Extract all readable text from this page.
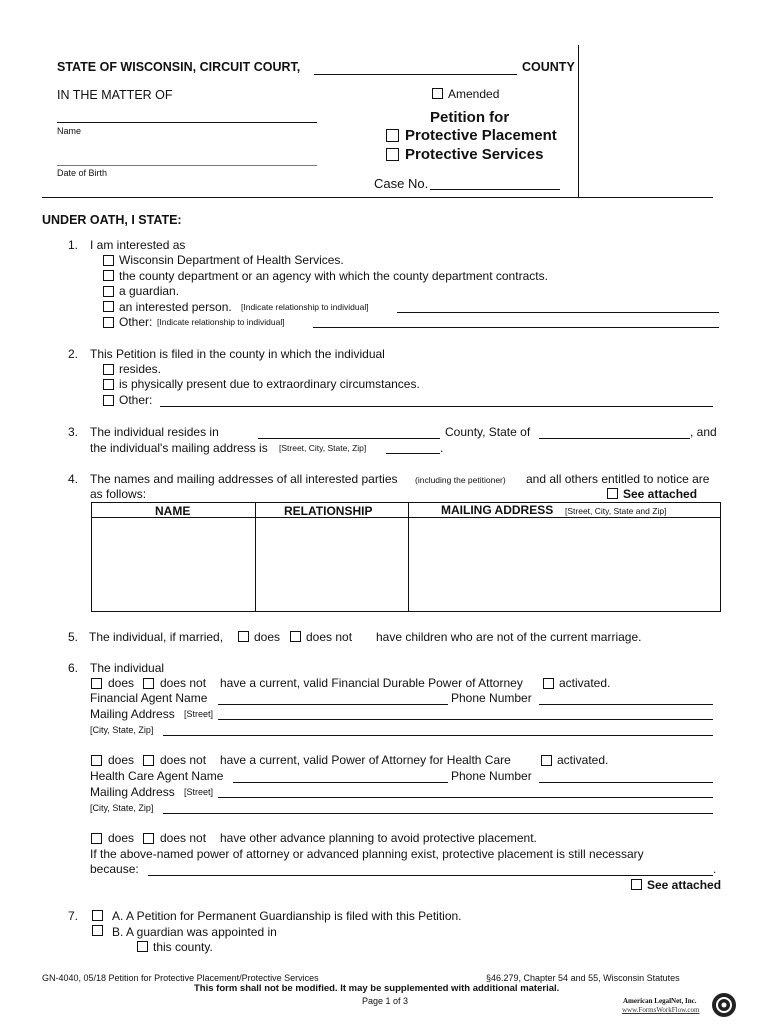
STATE OF WISCONSIN, CIRCUIT COURT,	COUNTY
IN THE MATTER OF
Name
Date of Birth
Amended
Petition for
Protective Placement
Protective Services
Case No.
UNDER OATH, I STATE:
1. I am interested as
Wisconsin Department of Health Services.
the county department or an agency with which the county department contracts.
a guardian.
an interested person. [Indicate relationship to individual]
Other: [Indicate relationship to individual]
2. This Petition is filed in the county in which the individual
resides.
is physically present due to extraordinary circumstances.
Other:
3. The individual resides in	County, State of	, and
the individual's mailing address is [Street, City, State, Zip]	.
4. The names and mailing addresses of all interested parties (including the petitioner) and all others entitled to notice are
as follows:	See attached
NAME	RELATIONSHIP	MAILING ADDRESS [Street, City, State and Zip]
5. The individual, if married,	does does not have children who are not of the current marriage.
6. The individual
does does not have a current, valid Financial Durable Power of Attorney	activated.
Financial Agent Name	Phone Number
Mailing Address [Street]
[City, State, Zip]
does does not have a current, valid Power of Attorney for Health Care	activated.
Health Care Agent Name	Phone Number
Mailing Address [Street]
[City, State, Zip]
does does not have other advance planning to avoid protective placement.
If the above-named power of attorney or advanced planning exist, protective placement is still necessary
because:	.
See attached
7.	A. A Petition for Permanent Guardianship is filed with this Petition.
B. A guardian was appointed in
this county.
GN-4040, 05/18 Petition for Protective Placement/Protective Services	§46.279, Chapter 54 and 55, Wisconsin Statutes
This form shall not be modified. It may be supplemented with additional material.
Page 1 of 3	American LegalNet, Inc.
www.FormsWorkFlow.com
